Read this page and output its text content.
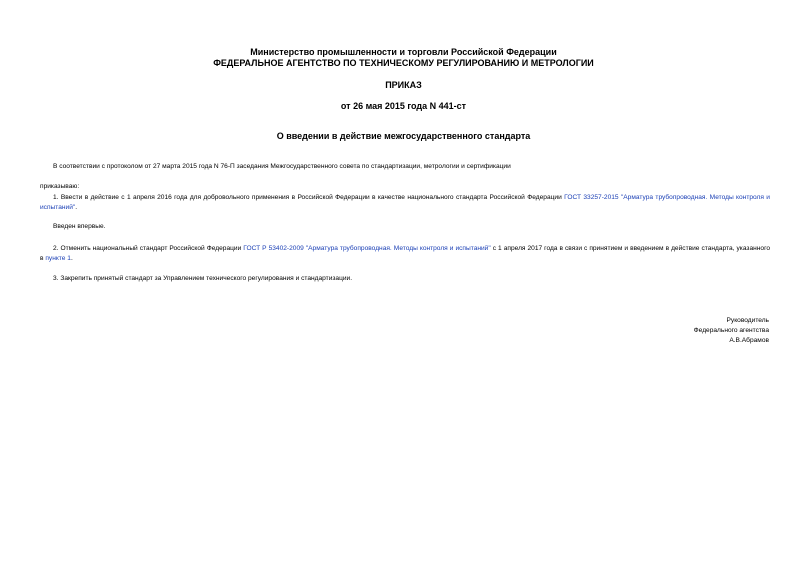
Министерство промышленности и торговли Российской Федерации
ФЕДЕРАЛЬНОЕ АГЕНТСТВО ПО ТЕХНИЧЕСКОМУ РЕГУЛИРОВАНИЮ И МЕТРОЛОГИИ
ПРИКАЗ
от 26 мая 2015 года N 441-ст
О введении в действие межгосударственного стандарта
В соответствии с протоколом от 27 марта 2015 года N 76-П заседания Межгосударственного совета по стандартизации, метрологии и сертификации
приказываю:
1. Ввести в действие с 1 апреля 2016 года для добровольного применения в Российской Федерации в качестве национального стандарта Российской Федерации ГОСТ 33257-2015 "Арматура трубопроводная. Методы контроля и испытаний".
Введен впервые.
2. Отменить национальный стандарт Российской Федерации ГОСТ Р 53402-2009 "Арматура трубопроводная. Методы контроля и испытаний" с 1 апреля 2017 года в связи с принятием и введением в действие стандарта, указанного в пункте 1.
3. Закрепить принятый стандарт за Управлением технического регулирования и стандартизации.
Руководитель
Федерального агентства
А.В.Абрамов
